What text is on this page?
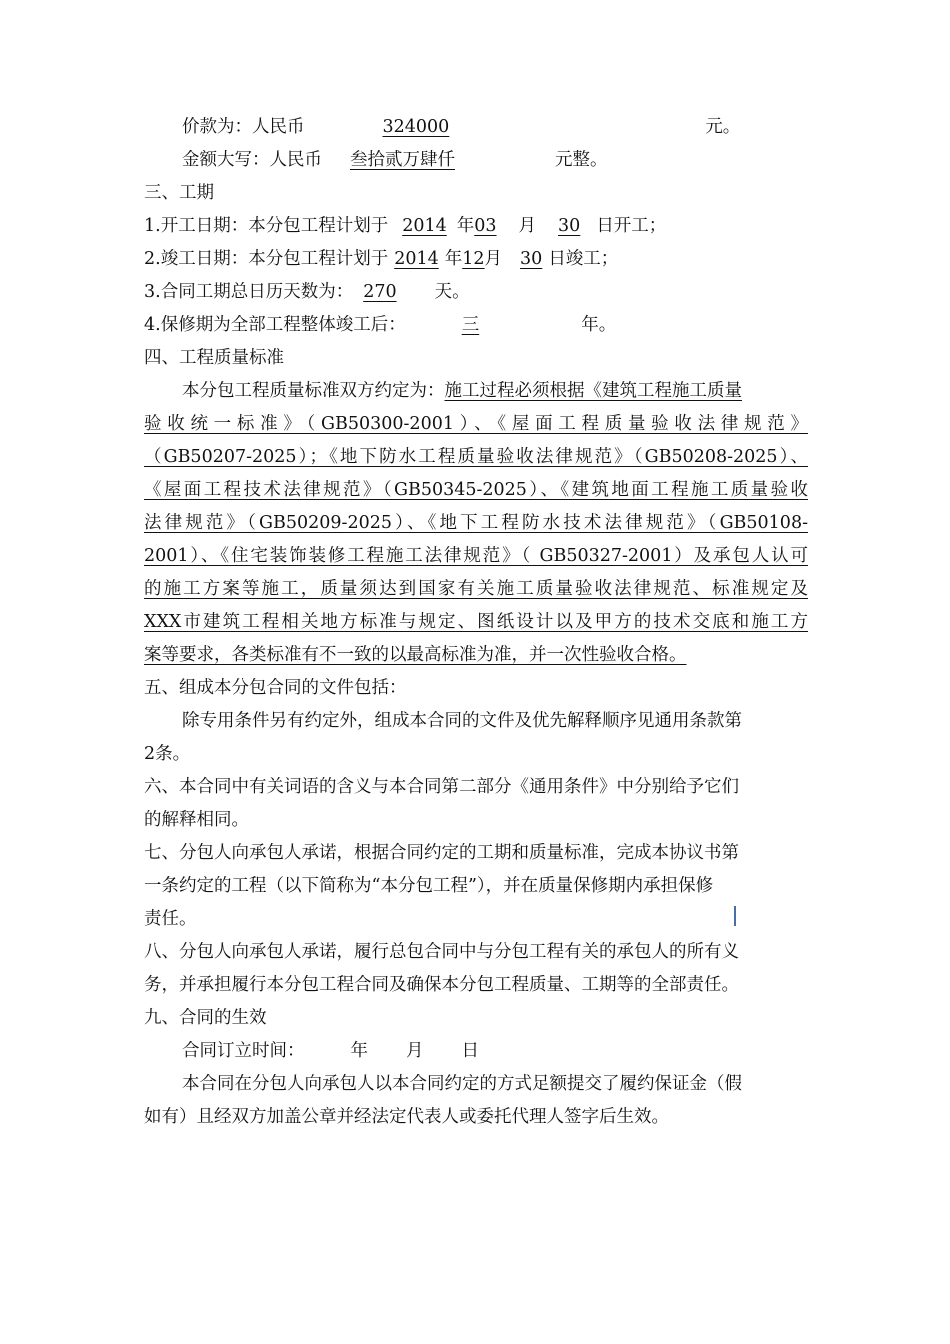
价款为：人民币	324000	元。
金额大写：人民币 叁拾贰万肆仟	元整。
三、工期
1.开工日期：本分包工程计划于 2014 年03 月 30 日开工；
2.竣工日期：本分包工程计划于 2014 年12月 30 日竣工；
3.合同工期总日历天数为： 270 天。
4.保修期为全部工程整体竣工后：	三	年。
四、工程质量标准
本分包工程质量标准双方约定为：施工过程必须根据《建筑工程施工质量
验收统一标准》（GB50300-2001）、《屋面工程质量验收法律规范》
（GB50207-2025）；《地下防水工程质量验收法律规范》（GB50208-2025）、
《屋面工程技术法律规范》（GB50345-2025）、《建筑地面工程施工质量验收
法律规范》（GB50209-2025）、《地下工程防水技术法律规范》（GB50108-
2001）、《住宅装饰装修工程施工法律规范》（ GB50327-2001）及承包人认可
的施工方案等施工，质量须达到国家有关施工质量验收法律规范、标准规定及
XXX市建筑工程相关地方标准与规定、图纸设计以及甲方的技术交底和施工方
案等要求，各类标准有不一致的以最高标准为准，并一次性验收合格。
五、组成本分包合同的文件包括：
除专用条件另有约定外，组成本合同的文件及优先解释顺序见通用条款第
2条。
六、本合同中有关词语的含义与本合同第二部分《通用条件》中分别给予它们
的解释相同。
七、分包人向承包人承诺，根据合同约定的工期和质量标准，完成本协议书第
一条约定的工程（以下简称为“本分包工程”），并在质量保修期内承担保修
责任。
八、分包人向承包人承诺，履行总包合同中与分包工程有关的承包人的所有义
务，并承担履行本分包工程合同及确保本分包工程质量、工期等的全部责任。
九、合同的生效
合同订立时间：	年 月 日
本合同在分包人向承包人以本合同约定的方式足额提交了履约保证金（假
如有）且经双方加盖公章并经法定代表人或委托代理人签字后生效。
